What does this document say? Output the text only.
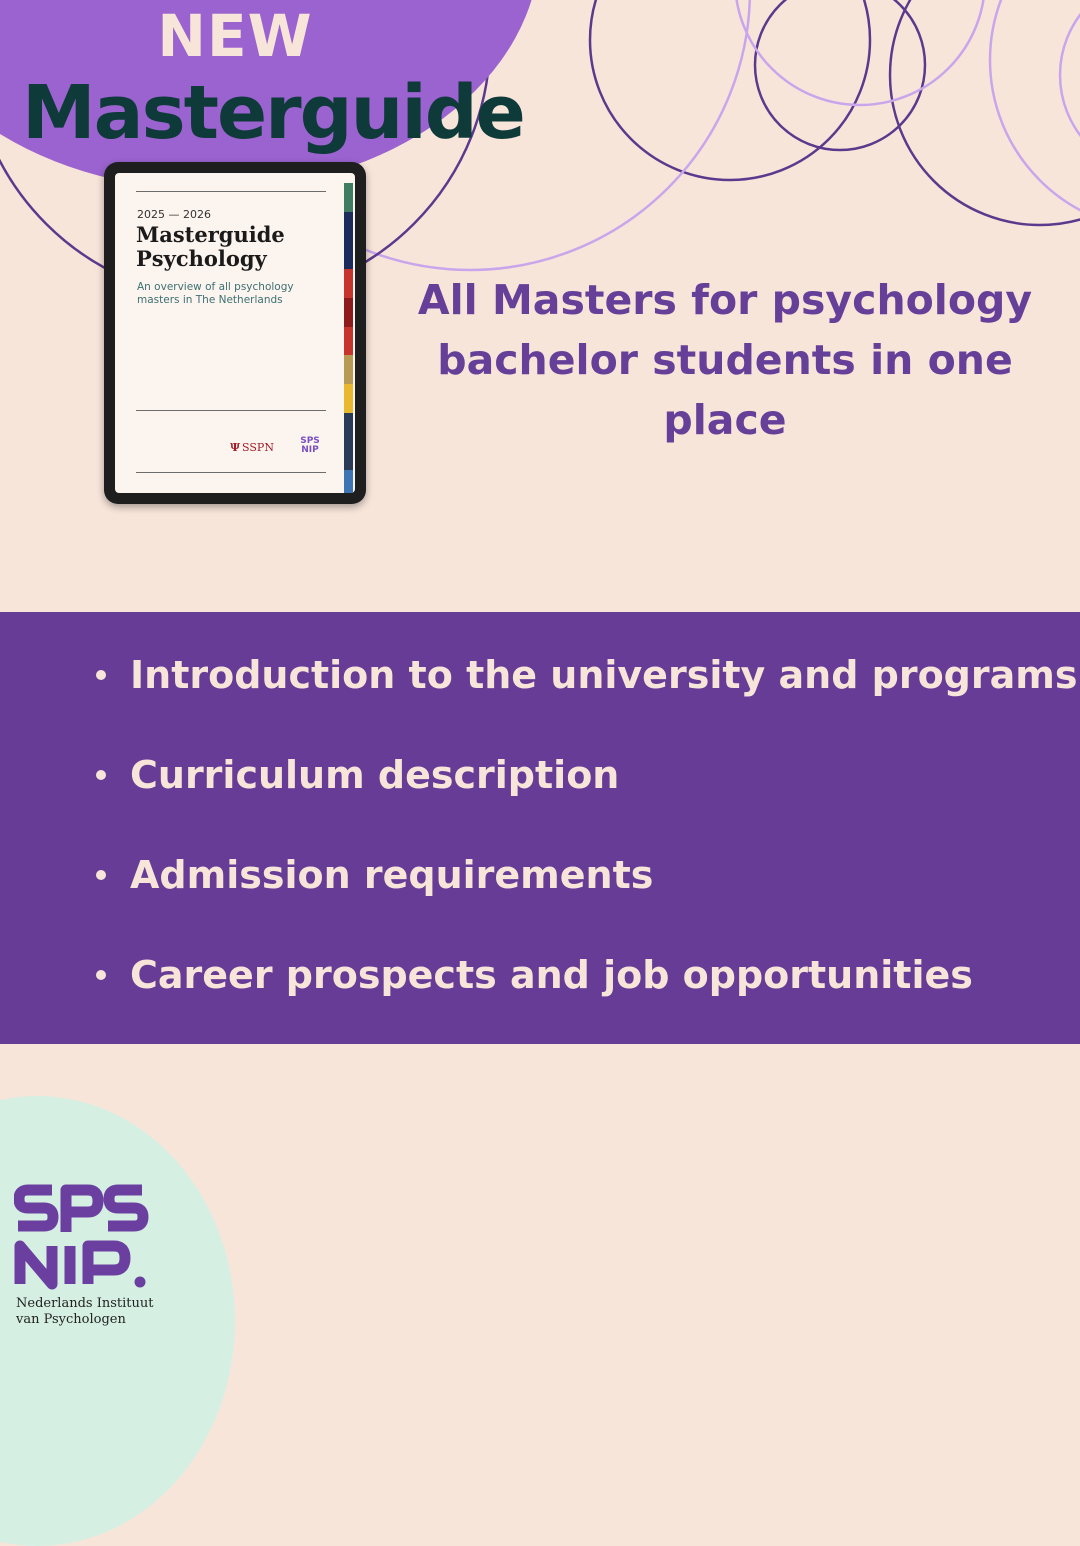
NEW
Masterguide
2025 — 2026
Masterguide
Psychology
An overview of all psychology masters in The Netherlands
Ψ SSPN	SPS
NIP
All Masters for psychology
bachelor students in one place
Introduction to the university and programs
Curriculum description
Admission requirements
Career prospects and job opportunities
Nederlands Instituut
van Psychologen
